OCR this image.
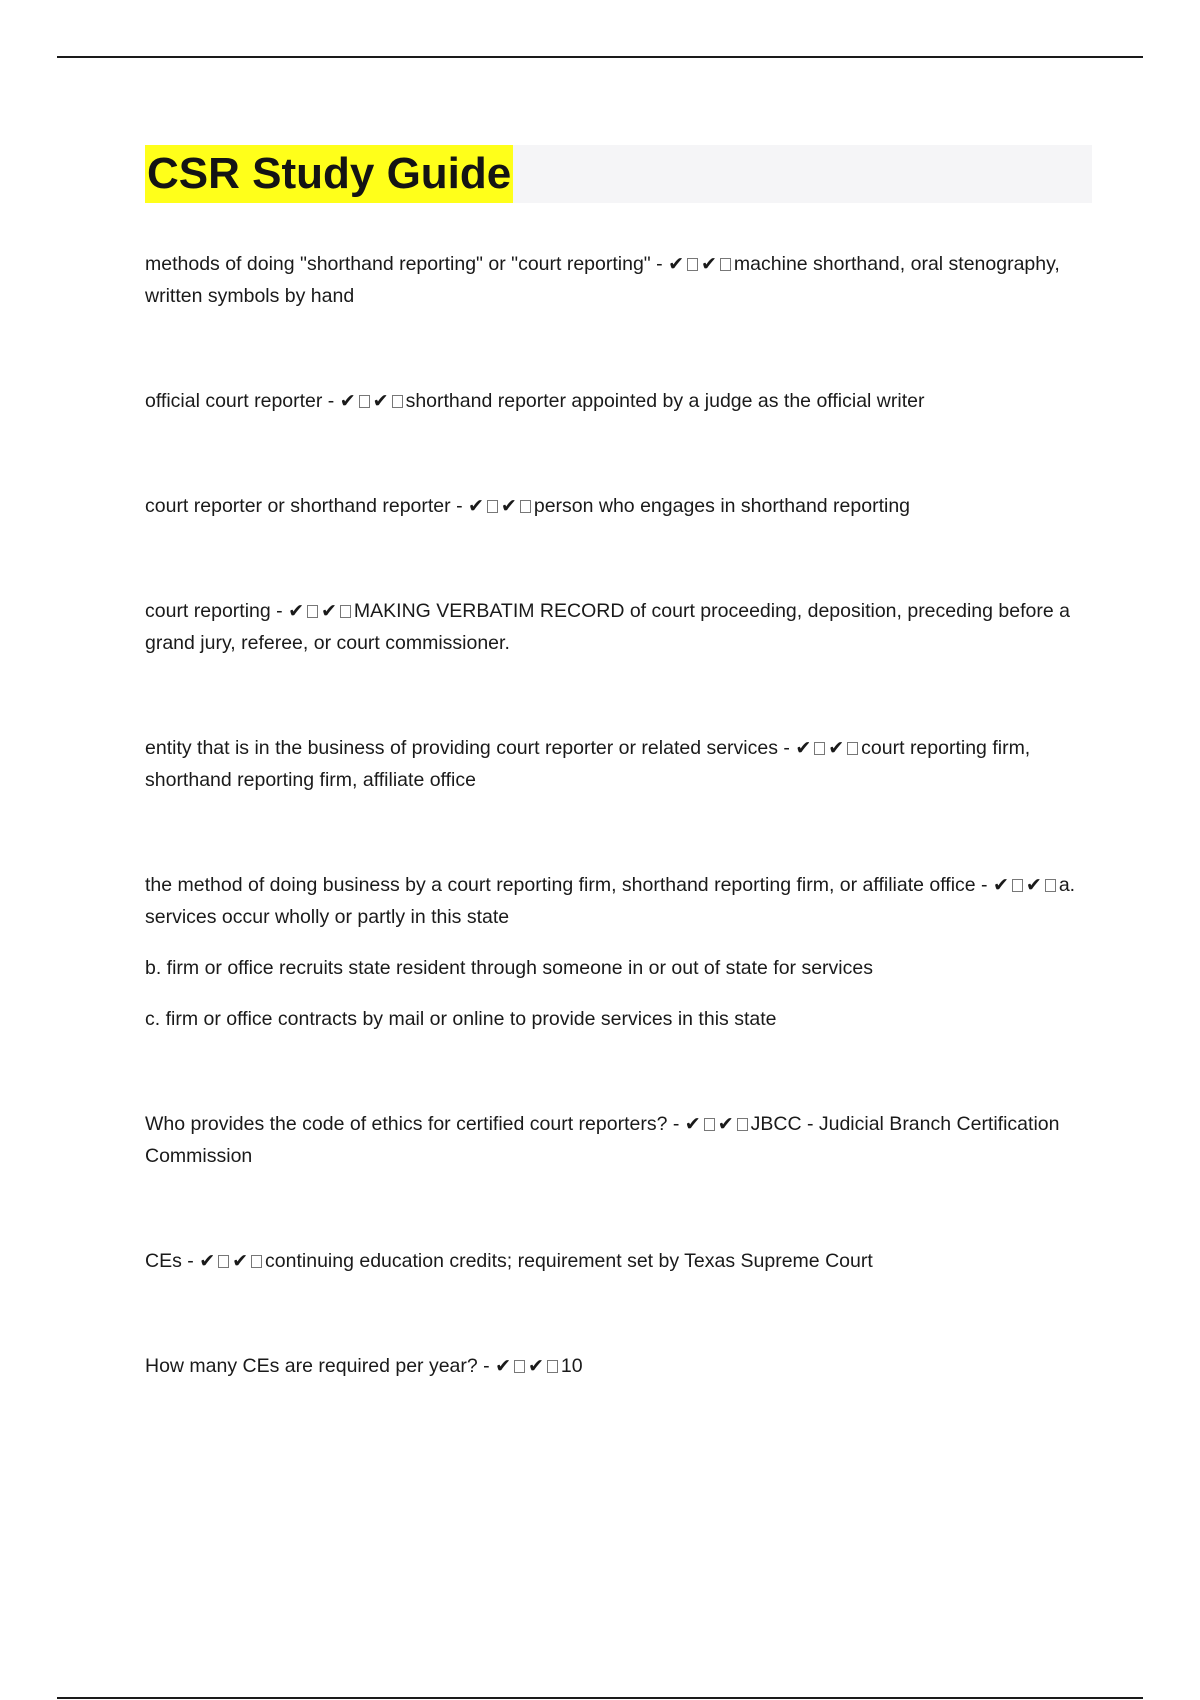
CSR Study Guide

methods of doing "shorthand reporting" or "court reporting" - ✔ ✔ machine shorthand, oral stenography, written symbols by hand

official court reporter - ✔ ✔ shorthand reporter appointed by a judge as the official writer

court reporter or shorthand reporter - ✔ ✔ person who engages in shorthand reporting

court reporting - ✔ ✔ MAKING VERBATIM RECORD of court proceeding, deposition, preceding before a grand jury, referee, or court commissioner.

entity that is in the business of providing court reporter or related services - ✔ ✔ court reporting firm, shorthand reporting firm, affiliate office

the method of doing business by a court reporting firm, shorthand reporting firm, or affiliate office - ✔ ✔ a. services occur wholly or partly in this state

b. firm or office recruits state resident through someone in or out of state for services

c. firm or office contracts by mail or online to provide services in this state

Who provides the code of ethics for certified court reporters? - ✔ ✔ JBCC - Judicial Branch Certification Commission

CEs - ✔ ✔ continuing education credits; requirement set by Texas Supreme Court

How many CEs are required per year? - ✔ ✔ 10
